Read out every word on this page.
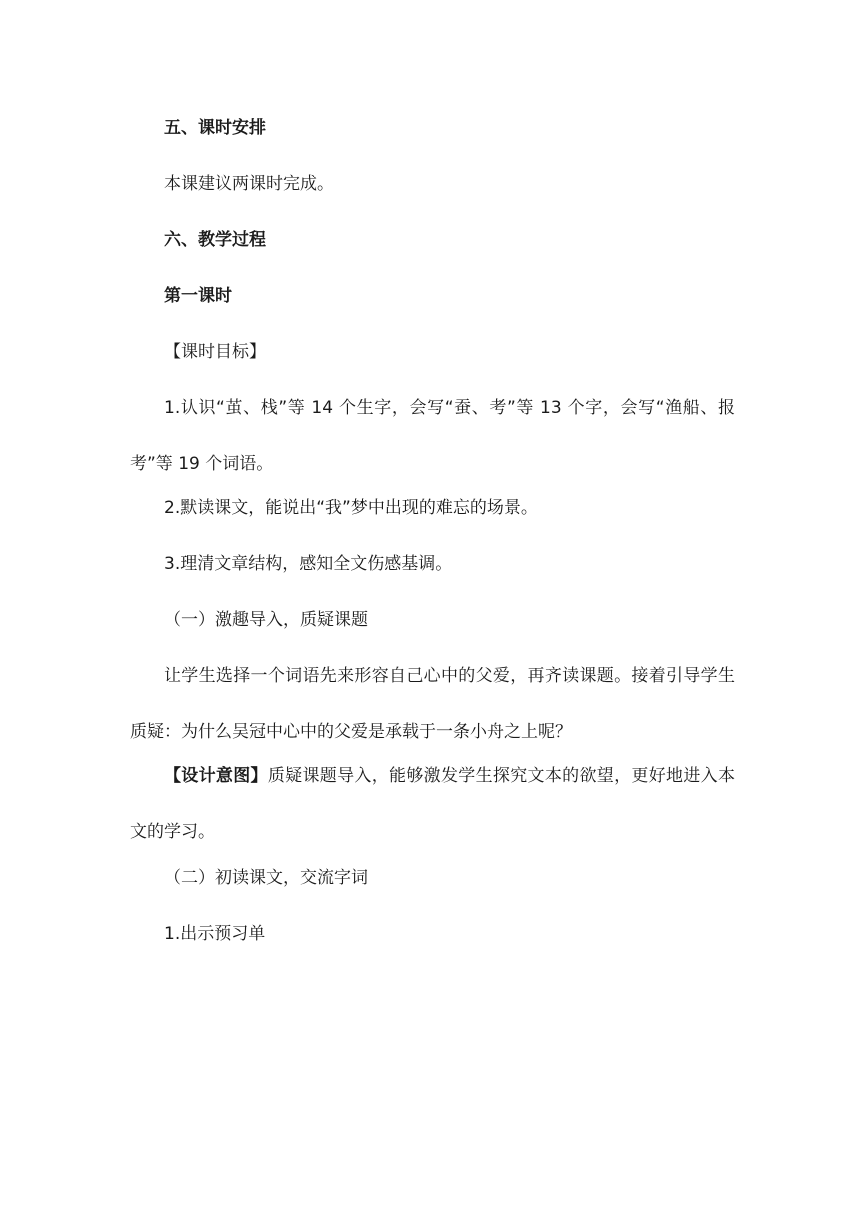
五、课时安排
本课建议两课时完成。
六、教学过程
第一课时
【课时目标】
1.认识“茧、栈”等 14 个生字，会写“蚕、考”等 13 个字，会写“渔船、报考”等 19 个词语。
2.默读课文，能说出“我”梦中出现的难忘的场景。
3.理清文章结构，感知全文伤感基调。
（一）激趣导入，质疑课题
让学生选择一个词语先来形容自己心中的父爱，再齐读课题。接着引导学生质疑：为什么吴冠中心中的父爱是承载于一条小舟之上呢？
【设计意图】质疑课题导入，能够激发学生探究文本的欲望，更好地进入本文的学习。
（二）初读课文，交流字词
1.出示预习单
